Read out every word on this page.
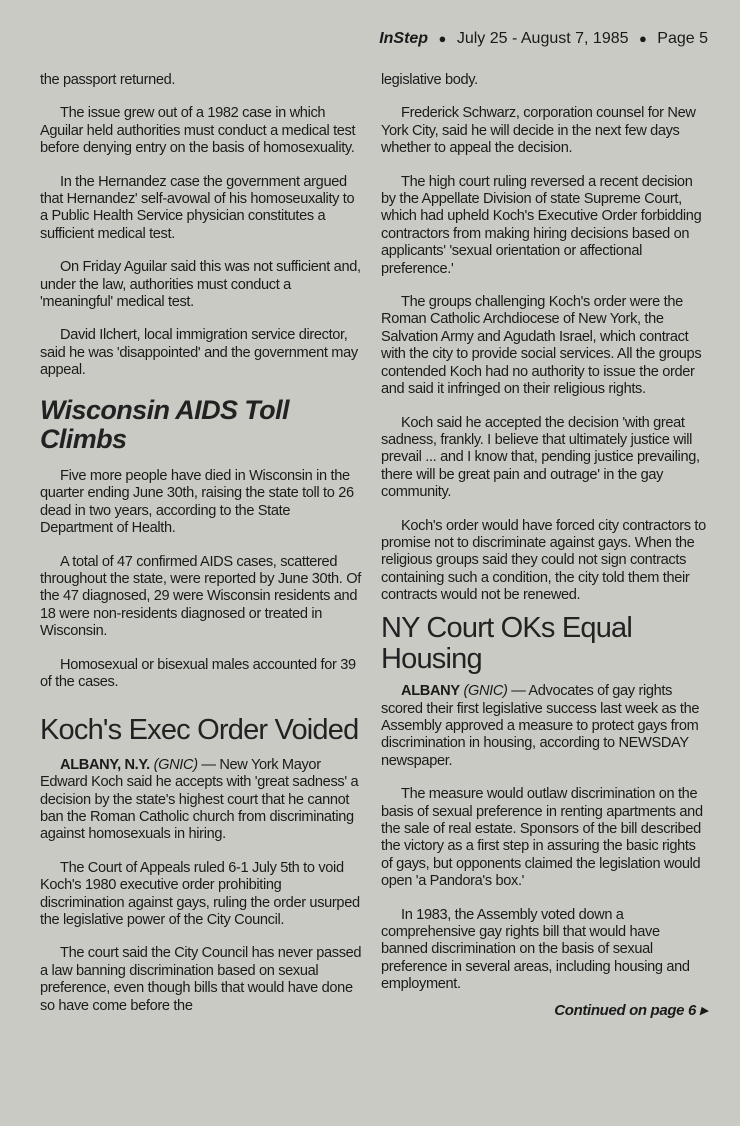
InStep ● July 25 - August 7, 1985 ● Page 5

the passport returned.

The issue grew out of a 1982 case in which Aguilar held authorities must conduct a medical test before denying entry on the basis of homosexuality.

In the Hernandez case the government argued that Hernandez' self-avowal of his homoseuxality to a Public Health Service physician constitutes a sufficient medical test.

On Friday Aguilar said this was not sufficient and, under the law, authorities must conduct a 'meaningful' medical test.

David Ilchert, local immigration service director, said he was 'disappointed' and the government may appeal.

Wisconsin AIDS Toll Climbs

Five more people have died in Wisconsin in the quarter ending June 30th, raising the state toll to 26 dead in two years, according to the State Department of Health.

A total of 47 confirmed AIDS cases, scattered throughout the state, were reported by June 30th. Of the 47 diagnosed, 29 were Wisconsin residents and 18 were non-residents diagnosed or treated in Wisconsin.

Homosexual or bisexual males accounted for 39 of the cases.

Koch's Exec Order Voided

ALBANY, N.Y. (GNIC) — New York Mayor Edward Koch said he accepts with 'great sadness' a decision by the state's highest court that he cannot ban the Roman Catholic church from discriminating against homosexuals in hiring.

The Court of Appeals ruled 6-1 July 5th to void Koch's 1980 executive order prohibiting discrimination against gays, ruling the order usurped the legislative power of the City Council.

The court said the City Council has never passed a law banning discrimination based on sexual preference, even though bills that would have done so have come before the

legislative body.

Frederick Schwarz, corporation counsel for New York City, said he will decide in the next few days whether to appeal the decision.

The high court ruling reversed a recent decision by the Appellate Division of state Supreme Court, which had upheld Koch's Executive Order forbidding contractors from making hiring decisions based on applicants' 'sexual orientation or affectional preference.'

The groups challenging Koch's order were the Roman Catholic Archdiocese of New York, the Salvation Army and Agudath Israel, which contract with the city to provide social services. All the groups contended Koch had no authority to issue the order and said it infringed on their religious rights.

Koch said he accepted the decision 'with great sadness, frankly. I believe that ultimately justice will prevail ... and I know that, pending justice prevailing, there will be great pain and outrage' in the gay community.

Koch's order would have forced city contractors to promise not to discriminate against gays. When the religious groups said they could not sign contracts containing such a condition, the city told them their contracts would not be renewed.

NY Court OKs Equal Housing

ALBANY (GNIC) — Advocates of gay rights scored their first legislative success last week as the Assembly approved a measure to protect gays from discrimination in housing, according to NEWSDAY newspaper.

The measure would outlaw discrimination on the basis of sexual preference in renting apartments and the sale of real estate. Sponsors of the bill described the victory as a first step in assuring the basic rights of gays, but opponents claimed the legislation would open 'a Pandora's box.'

In 1983, the Assembly voted down a comprehensive gay rights bill that would have banned discrimination on the basis of sexual preference in several areas, including housing and employment.

Continued on page 6 ▸
